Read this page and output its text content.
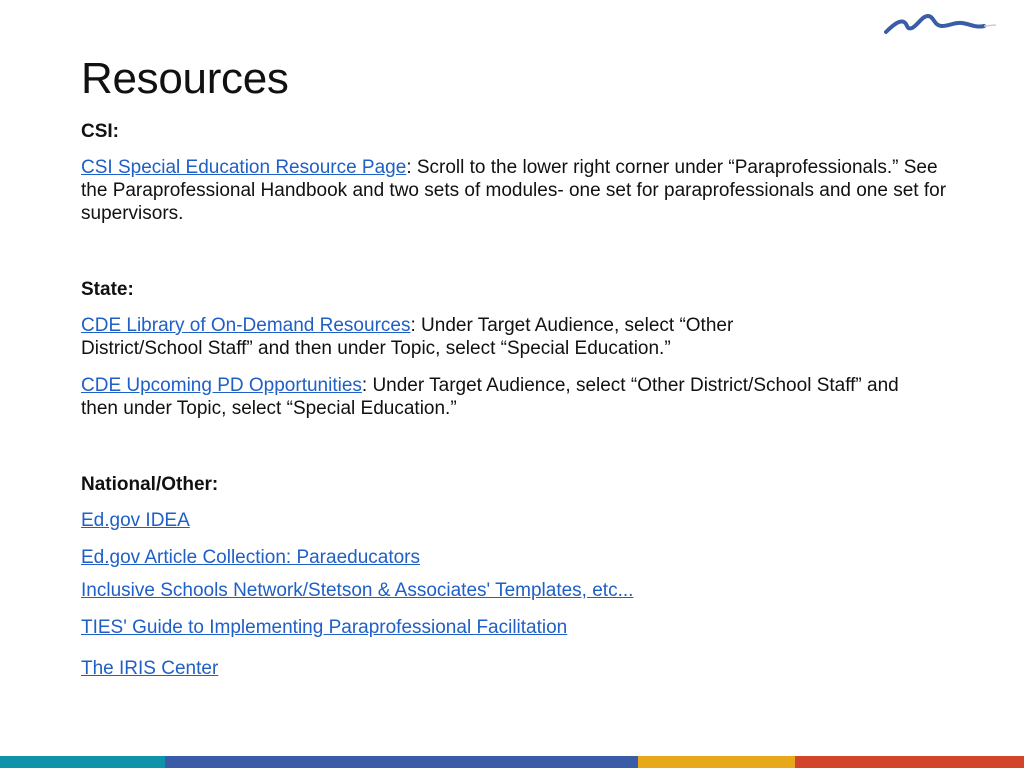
Resources
CSI:

CSI Special Education Resource Page: Scroll to the lower right corner under “Paraprofessionals.” See the Paraprofessional Handbook and two sets of modules- one set for paraprofessionals and one set for supervisors.

State:

CDE Library of On-Demand Resources: Under Target Audience, select “Other District/School Staff” and then under Topic, select “Special Education.”

CDE Upcoming PD Opportunities: Under Target Audience, select “Other District/School Staff” and then under Topic, select “Special Education.”

National/Other:
Ed.gov IDEA
Ed.gov Article Collection: Paraeducators
Inclusive Schools Network/Stetson & Associates' Templates, etc...
TIES' Guide to Implementing Paraprofessional Facilitation
The IRIS Center
